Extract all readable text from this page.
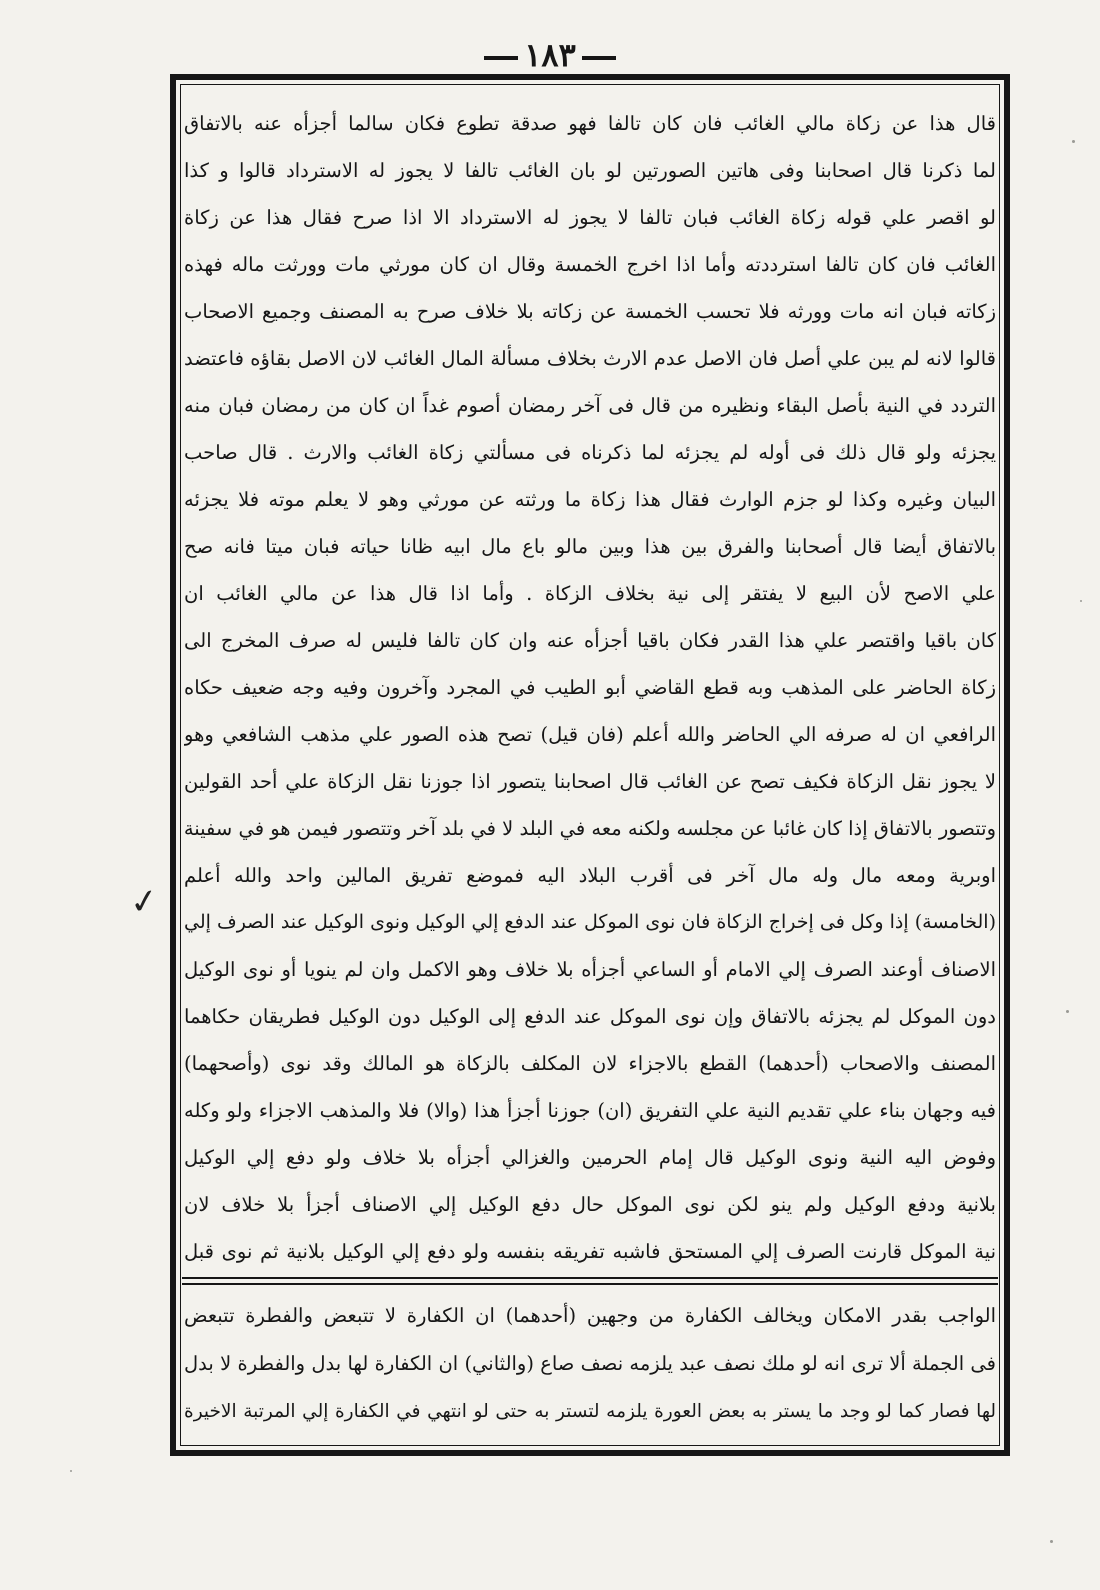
١٨٣
قال هذا عن زكاة مالي الغائب فان كان تالفا فهو صدقة تطوع فكان سالما أجزأه عنه بالاتفاق
لما ذكرنا قال اصحابنا وفى هاتين الصورتين لو بان الغائب تالفا لا يجوز له الاسترداد قالوا و كذا
لو اقصر علي قوله زكاة الغائب فبان تالفا لا يجوز له الاسترداد الا اذا صرح فقال هذا عن زكاة
الغائب فان كان تالفا استرددته وأما اذا اخرج الخمسة وقال ان كان مورثي مات وورثت ماله فهذه
زكاته فبان انه مات وورثه فلا تحسب الخمسة عن زكاته بلا خلاف صرح به المصنف وجميع الاصحاب
قالوا لانه لم يبن علي أصل فان الاصل عدم الارث بخلاف مسألة المال الغائب لان الاصل بقاؤه فاعتضد
التردد في النية بأصل البقاء ونظيره من قال فى آخر رمضان أصوم غداً ان كان من رمضان فبان منه
يجزئه ولو قال ذلك فى أوله لم يجزئه لما ذكرناه فى مسألتي زكاة الغائب والارث . قال صاحب
البيان وغيره وكذا لو جزم الوارث فقال هذا زكاة ما ورثته عن مورثي وهو لا يعلم موته فلا يجزئه
بالاتفاق أيضا قال أصحابنا والفرق بين هذا وبين مالو باع مال ابيه ظانا حياته فبان ميتا فانه صح
علي الاصح لأن البيع لا يفتقر إلى نية بخلاف الزكاة . وأما اذا قال هذا عن مالي الغائب ان
كان باقيا واقتصر علي هذا القدر فكان باقيا أجزأه عنه وان كان تالفا فليس له صرف المخرج الى
زكاة الحاضر على المذهب وبه قطع القاضي أبو الطيب في المجرد وآخرون وفيه وجه ضعيف حكاه
الرافعي ان له صرفه الي الحاضر والله أعلم (فان قيل) تصح هذه الصور علي مذهب الشافعي وهو
لا يجوز نقل الزكاة فكيف تصح عن الغائب قال اصحابنا يتصور اذا جوزنا نقل الزكاة علي أحد القولين
وتتصور بالاتفاق إذا كان غائبا عن مجلسه ولكنه معه في البلد لا في بلد آخر وتتصور فيمن هو في سفينة
اوبرية ومعه مال وله مال آخر فى أقرب البلاد اليه فموضع تفريق المالين واحد والله أعلم
(الخامسة) إذا وكل فى إخراج الزكاة فان نوى الموكل عند الدفع إلي الوكيل ونوى الوكيل عند الصرف إلي
الاصناف أوعند الصرف إلي الامام أو الساعي أجزأه بلا خلاف وهو الاكمل وان لم ينويا أو نوى الوكيل
دون الموكل لم يجزئه بالاتفاق وإن نوى الموكل عند الدفع إلى الوكيل دون الوكيل فطريقان حكاهما
المصنف والاصحاب (أحدهما) القطع بالاجزاء لان المكلف بالزكاة هو المالك وقد نوى (وأصحهما)
فيه وجهان بناء علي تقديم النية علي التفريق (ان) جوزنا أجزأ هذا (والا) فلا والمذهب الاجزاء ولو وكله
وفوض اليه النية ونوى الوكيل قال إمام الحرمين والغزالي أجزأه بلا خلاف ولو دفع إلي الوكيل
بلانية ودفع الوكيل ولم ينو لكن نوى الموكل حال دفع الوكيل إلي الاصناف أجزأ بلا خلاف لان
نية الموكل قارنت الصرف إلي المستحق فاشبه تفريقه بنفسه ولو دفع إلي الوكيل بلانية ثم نوى قبل
الواجب بقدر الامكان ويخالف الكفارة من وجهين (أحدهما) ان الكفارة لا تتبعض والفطرة تتبعض
فى الجملة ألا ترى انه لو ملك نصف عبد يلزمه نصف صاع (والثاني) ان الكفارة لها بدل والفطرة لا بدل
لها فصار كما لو وجد ما يستر به بعض العورة يلزمه لتستر به حتى لو انتهي في الكفارة إلي المرتبة الاخيرة
✓
